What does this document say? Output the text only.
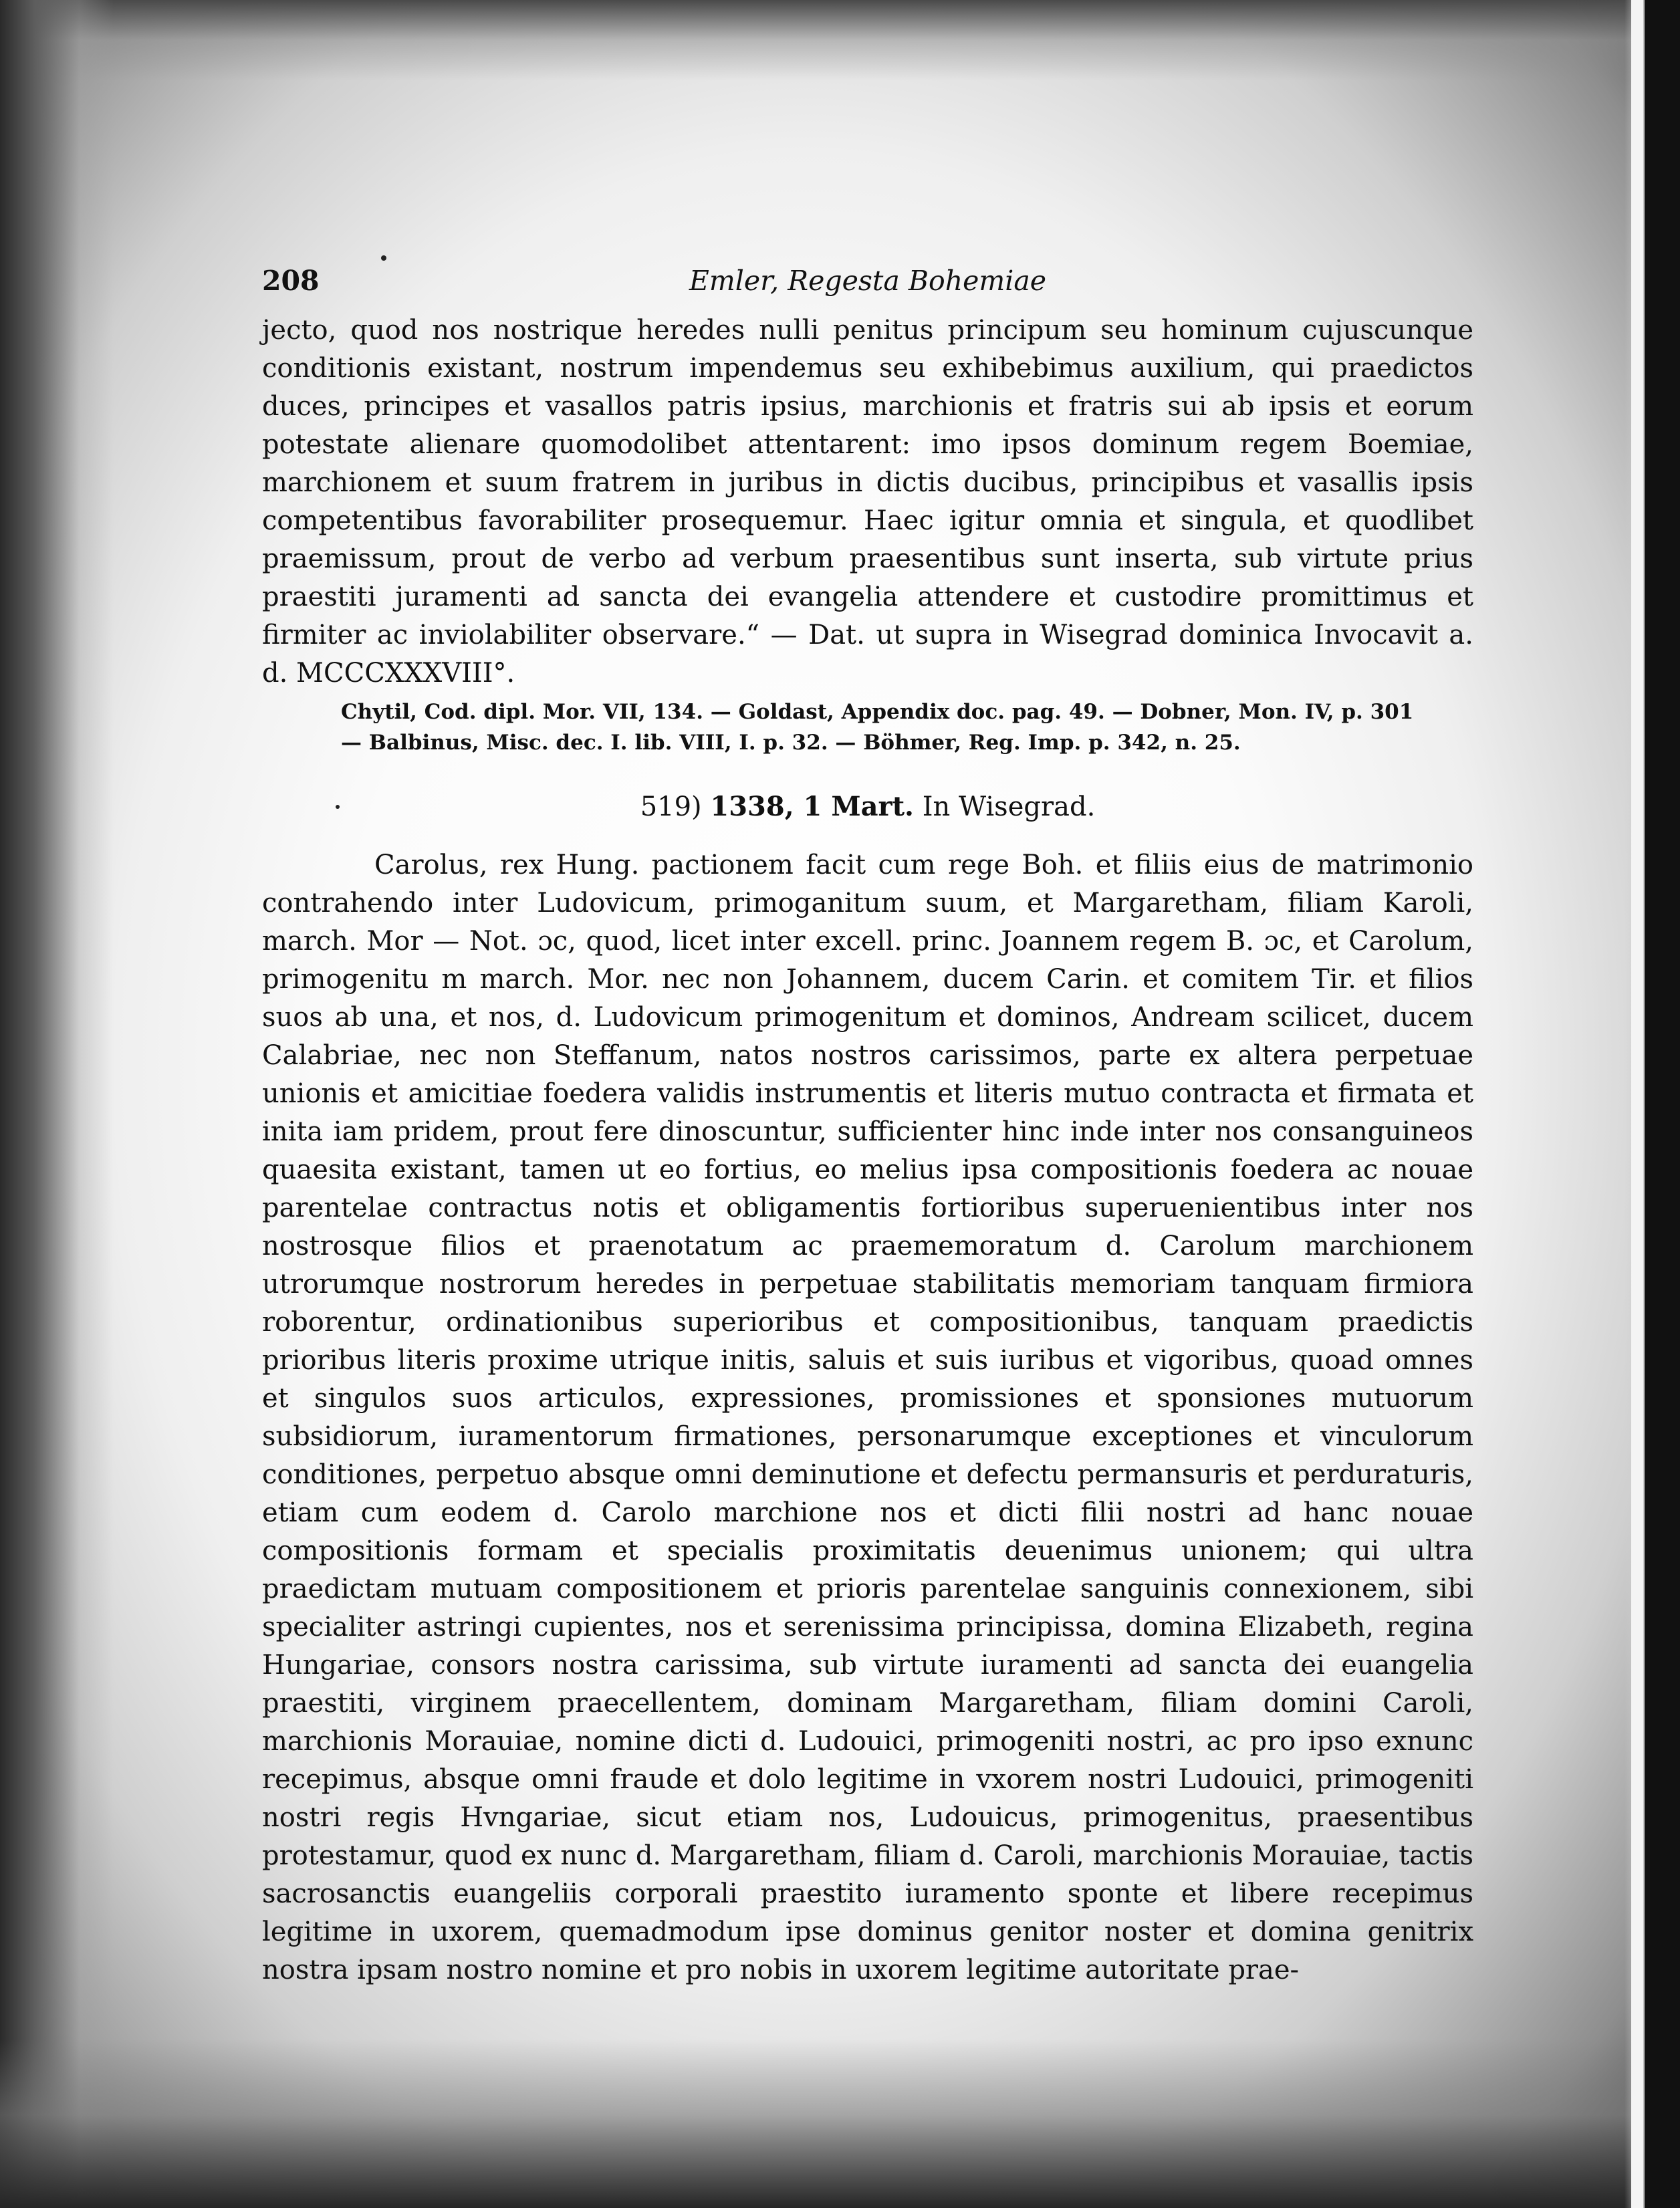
208	Emler, Regesta Bohemiae

jecto, quod nos nostrique heredes nulli penitus principum seu hominum cujuscunque conditionis existant, nostrum impendemus seu exhibebimus auxilium, qui praedictos duces, principes et vasallos patris ipsius, marchionis et fratris sui ab ipsis et eorum potestate alienare quomodolibet attentarent: imo ipsos dominum regem Boemiae, marchionem et suum fratrem in juribus in dictis ducibus, principibus et vasallis ipsis competentibus favorabiliter prosequemur. Haec igitur omnia et singula, et quodlibet praemissum, prout de verbo ad verbum praesentibus sunt inserta, sub virtute prius praestiti juramenti ad sancta dei evangelia attendere et custodire promittimus et firmiter ac inviolabiliter observare.“ — Dat. ut supra in Wisegrad dominica Invocavit a. d. MCCCXXXVIII°.

Chytil, Cod. dipl. Mor. VII, 134. — Goldast, Appendix doc. pag. 49. — Dobner, Mon. IV, p. 301 — Balbinus, Misc. dec. I. lib. VIII, I. p. 32. — Böhmer, Reg. Imp. p. 342, n. 25.

519) 1338, 1 Mart. In Wisegrad.

Carolus, rex Hung. pactionem facit cum rege Boh. et filiis eius de matrimonio contrahendo inter Ludovicum, primoganitum suum, et Margaretham, filiam Karoli, march. Mor — Not. ɔc, quod, licet inter excell. princ. Joannem regem B. ɔc, et Carolum, primogenitu m march. Mor. nec non Johannem, ducem Carin. et comitem Tir. et filios suos ab una, et nos, d. Ludovicum primogenitum et dominos, Andream scilicet, ducem Calabriae, nec non Steffanum, natos nostros carissimos, parte ex altera perpetuae unionis et amicitiae foedera validis instrumentis et literis mutuo contracta et firmata et inita iam pridem, prout fere dinoscuntur, sufficienter hinc inde inter nos consanguineos quaesita existant, tamen ut eo fortius, eo melius ipsa compositionis foedera ac nouae parentelae contractus notis et obligamentis fortioribus superuenientibus inter nos nostrosque filios et praenotatum ac praememoratum d. Carolum marchionem utrorumque nostrorum heredes in perpetuae stabilitatis memoriam tanquam firmiora roborentur, ordinationibus superioribus et compositionibus, tanquam praedictis prioribus literis proxime utrique initis, saluis et suis iuribus et vigoribus, quoad omnes et singulos suos articulos, expressiones, promissiones et sponsiones mutuorum subsidiorum, iuramentorum firmationes, personarumque exceptiones et vinculorum conditiones, perpetuo absque omni deminutione et defectu permansuris et perduraturis, etiam cum eodem d. Carolo marchione nos et dicti filii nostri ad hanc nouae compositionis formam et specialis proximitatis deuenimus unionem; qui ultra praedictam mutuam compositionem et prioris parentelae sanguinis connexionem, sibi specialiter astringi cupientes, nos et serenissima principissa, domina Elizabeth, regina Hungariae, consors nostra carissima, sub virtute iuramenti ad sancta dei euangelia praestiti, virginem praecellentem, dominam Margaretham, filiam domini Caroli, marchionis Morauiae, nomine dicti d. Ludouici, primogeniti nostri, ac pro ipso exnunc recepimus, absque omni fraude et dolo legitime in vxorem nostri Ludouici, primogeniti nostri regis Hvngariae, sicut etiam nos, Ludouicus, primogenitus, praesentibus protestamur, quod ex nunc d. Margaretham, filiam d. Caroli, marchionis Morauiae, tactis sacrosanctis euangeliis corporali praestito iuramento sponte et libere recepimus legitime in uxorem, quemadmodum ipse dominus genitor noster et domina genitrix nostra ipsam nostro nomine et pro nobis in uxorem legitime autoritate prae-
